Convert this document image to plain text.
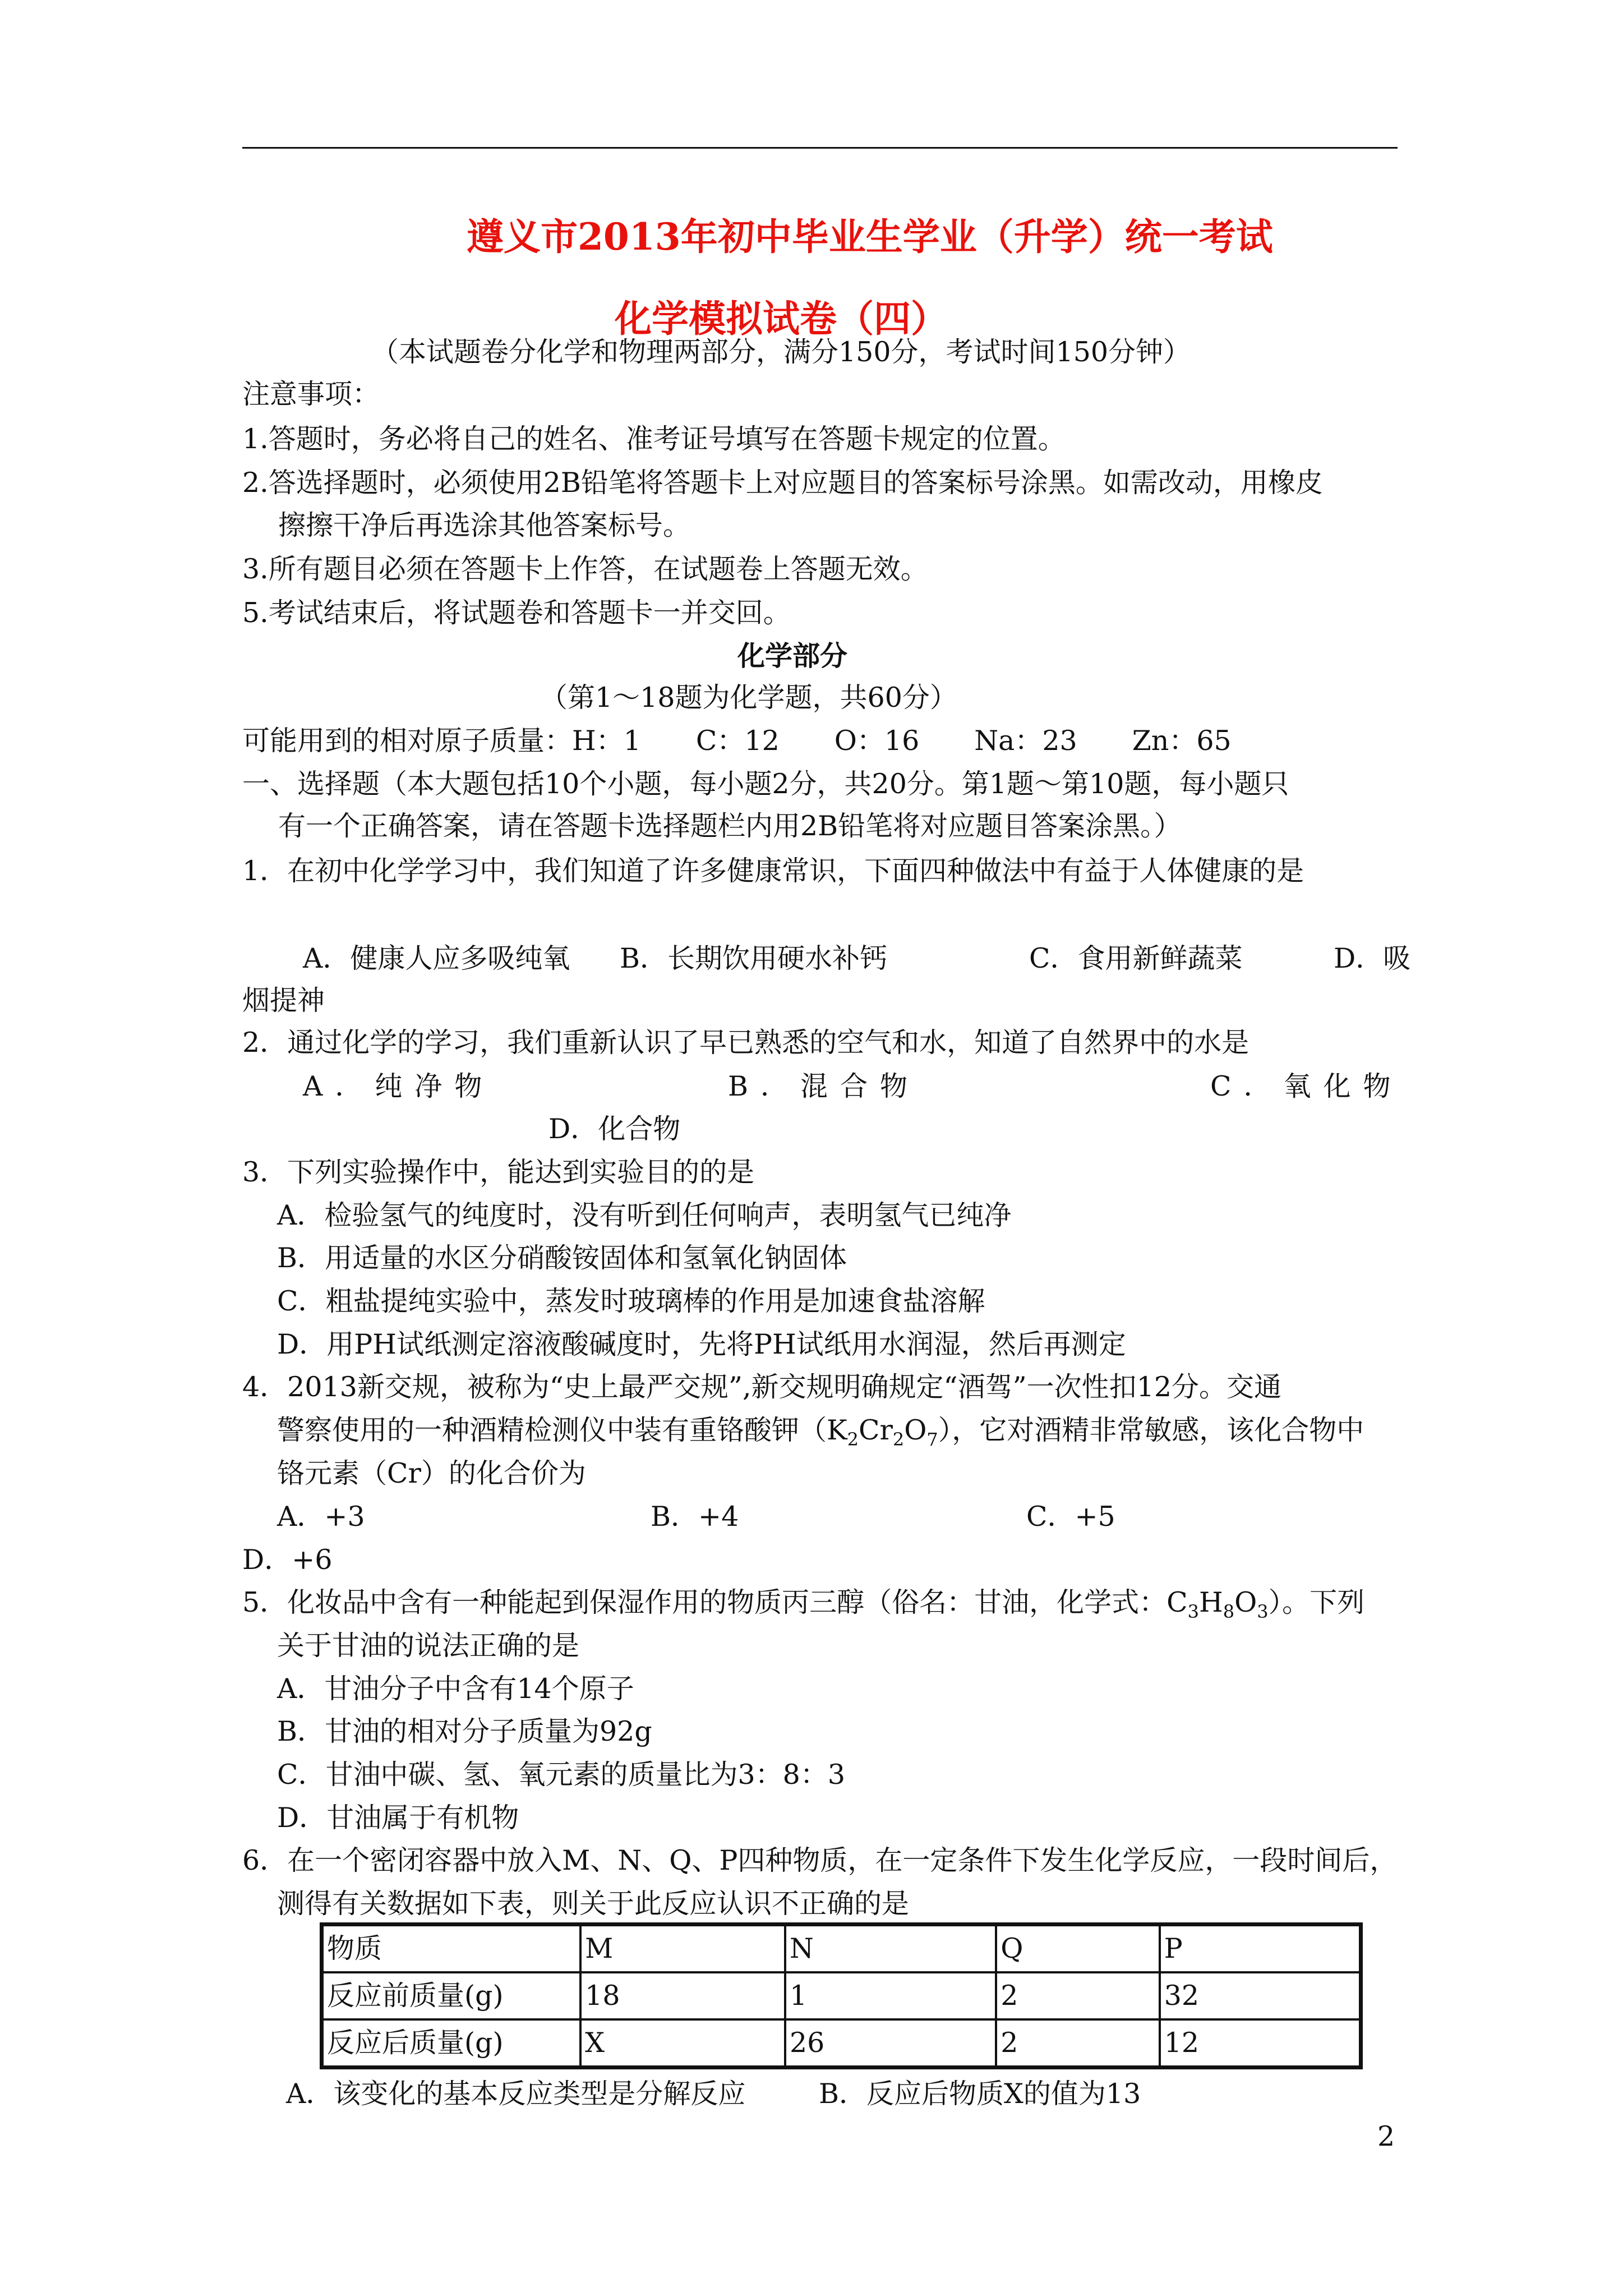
遵义市2013年初中毕业生学业（升学）统一考试
化学模拟试卷（四）
（本试题卷分化学和物理两部分，满分150分，考试时间150分钟）
注意事项：
1.答题时，务必将自己的姓名、准考证号填写在答题卡规定的位置。
2.答选择题时，必须使用2B铅笔将答题卡上对应题目的答案标号涂黑。如需改动，用橡皮
擦擦干净后再选涂其他答案标号。
3.所有题目必须在答题卡上作答，在试题卷上答题无效。
5.考试结束后，将试题卷和答题卡一并交回。
化学部分
（第1～18题为化学题，共60分）
可能用到的相对原子质量：H：1　　C：12　　O：16　　Na：23　　Zn：65
一、选择题（本大题包括10个小题，每小题2分，共20分。第1题～第10题，每小题只
有一个正确答案，请在答题卡选择题栏内用2B铅笔将对应题目答案涂黑。）
1．在初中化学学习中，我们知道了许多健康常识，下面四种做法中有益于人体健康的是
A．健康人应多吸纯氧 B．长期饮用硬水补钙	C．食用新鲜蔬菜	D．吸
烟提神
2．通过化学的学习，我们重新认识了早已熟悉的空气和水，知道了自然界中的水是
A．纯净物	B．混合物	C．氧化物
D．化合物
3．下列实验操作中，能达到实验目的的是
A．检验氢气的纯度时，没有听到任何响声，表明氢气已纯净
B．用适量的水区分硝酸铵固体和氢氧化钠固体
C．粗盐提纯实验中，蒸发时玻璃棒的作用是加速食盐溶解
D．用PH试纸测定溶液酸碱度时，先将PH试纸用水润湿，然后再测定
4．2013新交规，被称为“史上最严交规”,新交规明确规定“酒驾”一次性扣12分。交通
警察使用的一种酒精检测仪中装有重铬酸钾$(K_2Cr_2O_7)$，它对酒精非常敏感，该化合物中
铬元素（Cr）的化合价为
A．+3	B．+4	C．+5
D．+6
5．化妆品中含有一种能起到保湿作用的物质丙三醇（俗名：甘油，化学式：$C_3H_8O_3$）。下列
关于甘油的说法正确的是
A．甘油分子中含有14个原子
B．甘油的相对分子质量为92g
C．甘油中碳、氢、氧元素的质量比为3：8：3
D．甘油属于有机物
6．在一个密闭容器中放入M、N、Q、P四种物质，在一定条件下发生化学反应，一段时间后，
测得有关数据如下表，则关于此反应认识不正确的是
物质	M	N	Q	P
反应前质量(g)	18	1	2	32
反应后质量(g)	X	26	2	12
A．该变化的基本反应类型是分解反应	B．反应后物质X的值为13
2
